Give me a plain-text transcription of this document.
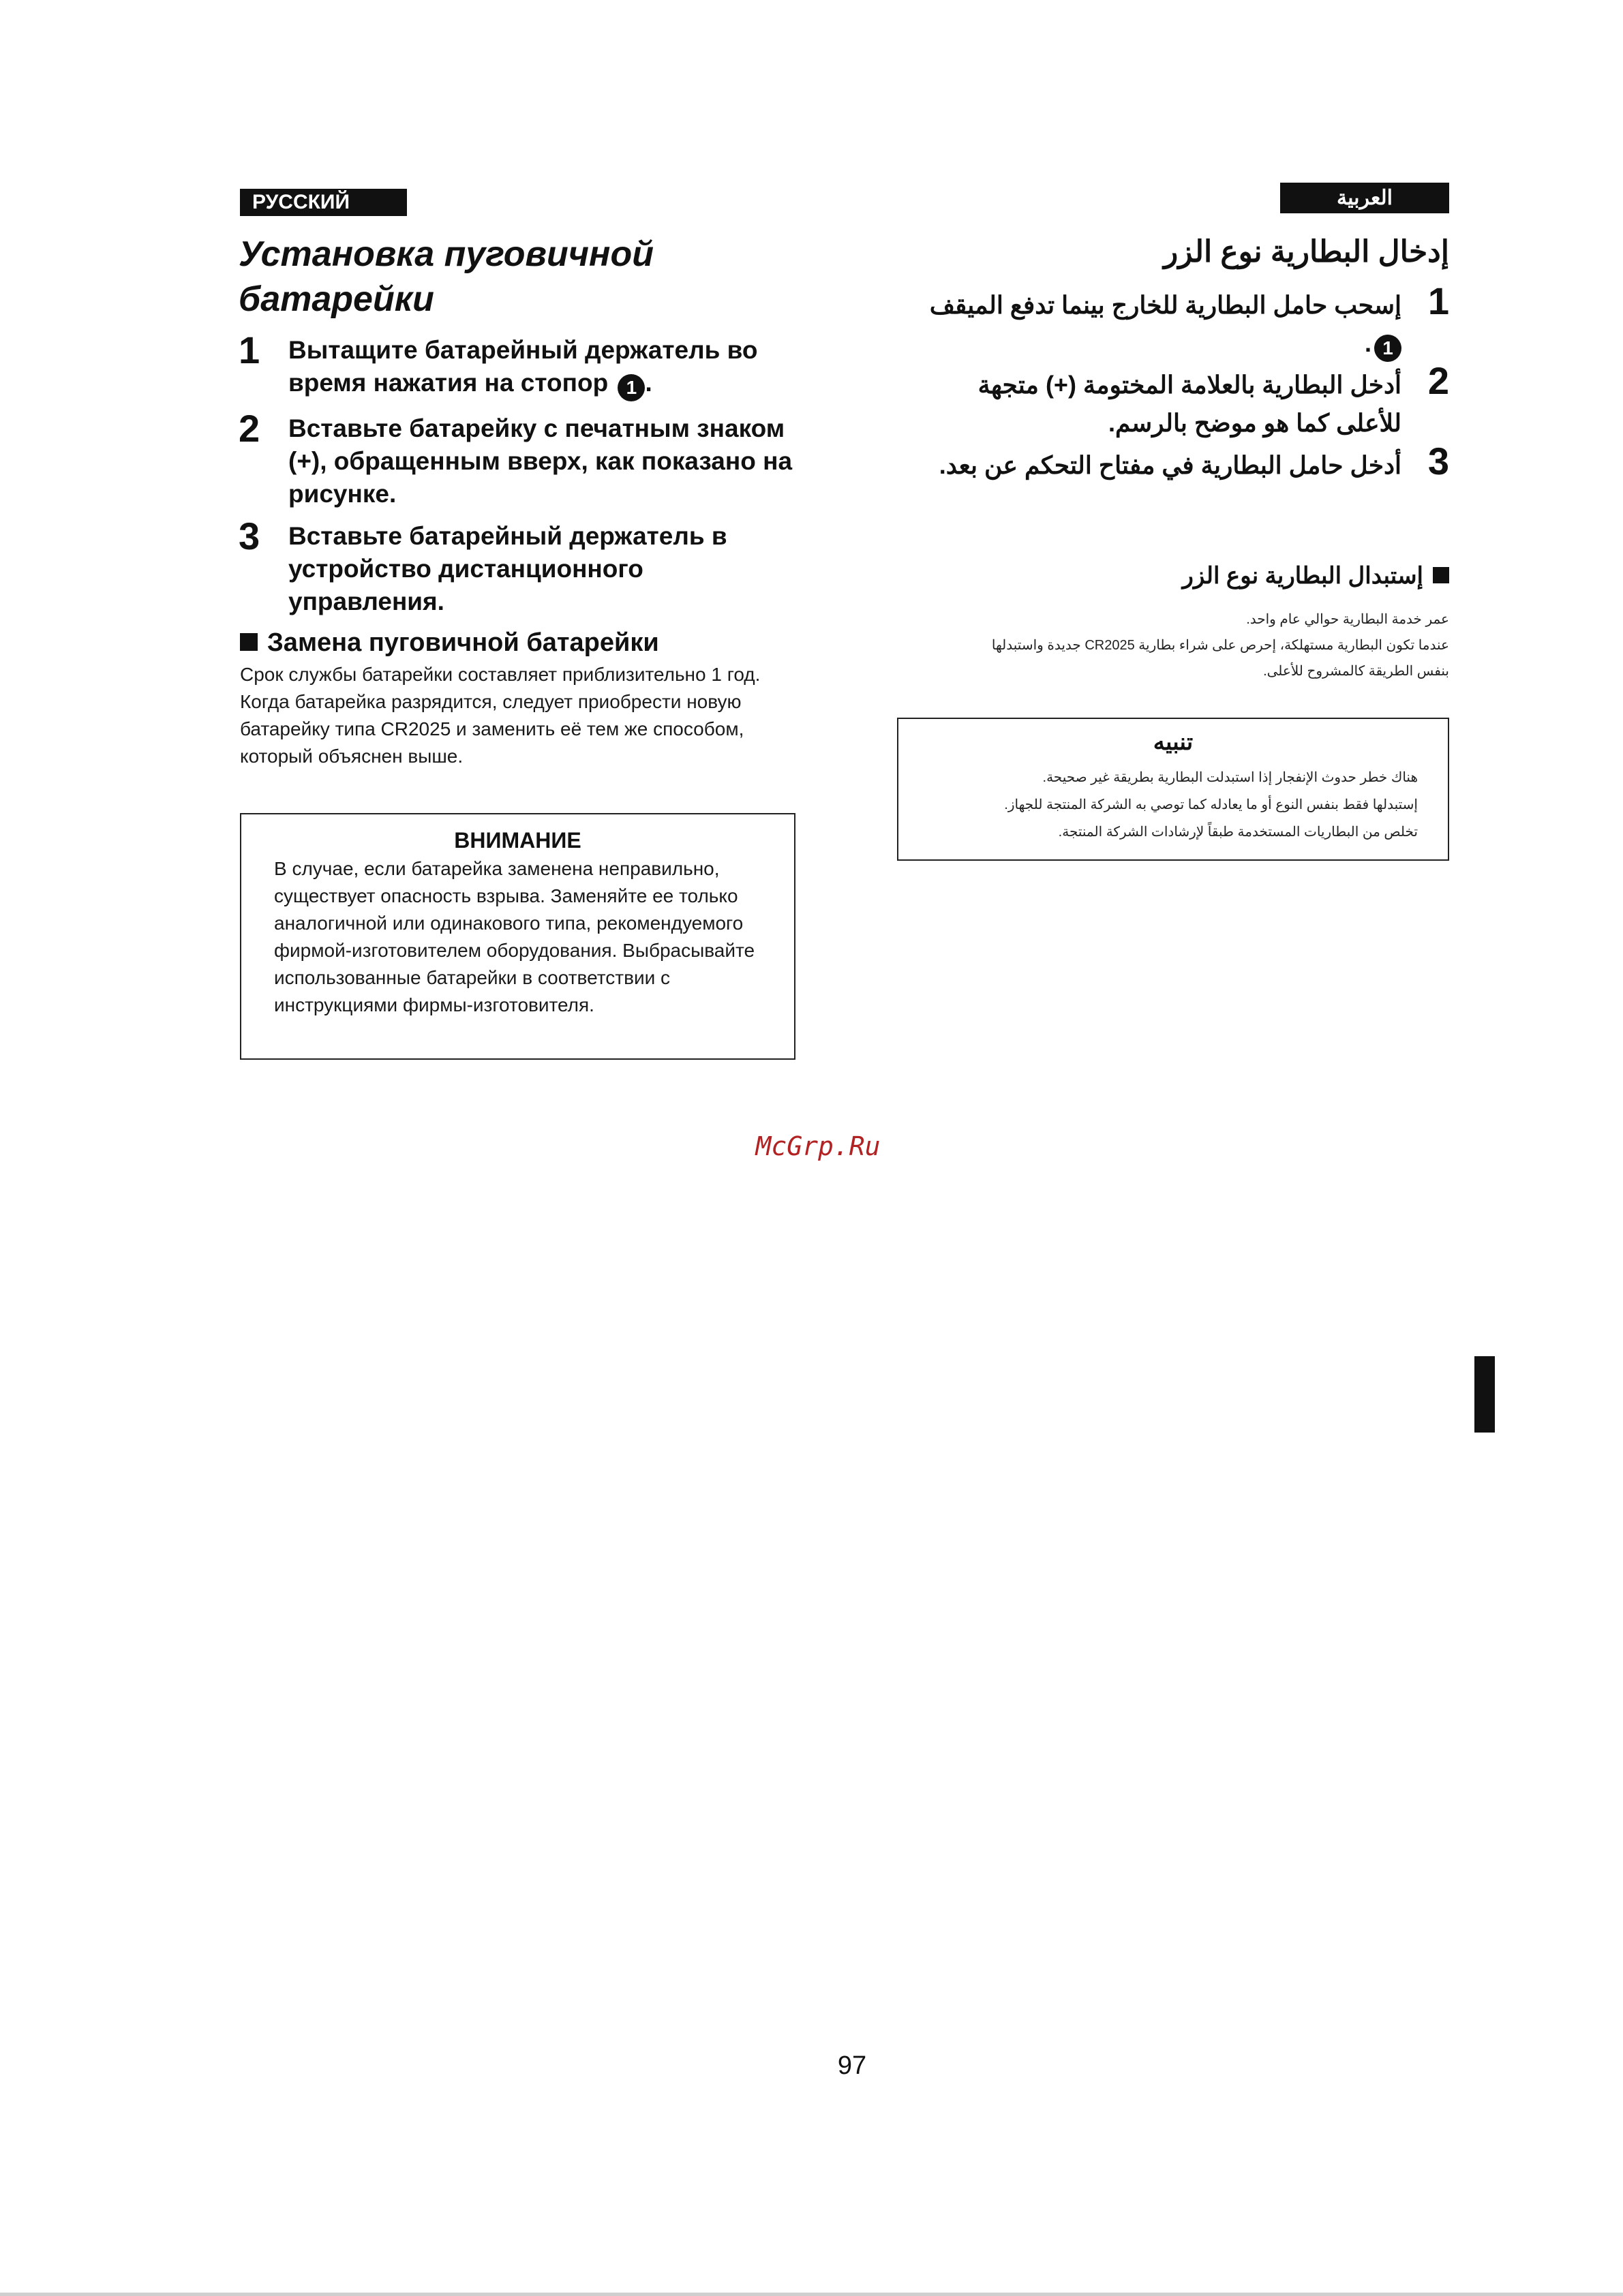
РУССКИЙ ЯЗЫК
العربية
Установка пуговичной
батарейки
1 Вытащите батарейный держатель во время нажатия на стопор 1 .
2 Вставьте батарейку с печатным знаком (+), обращенным вверх, как показано на рисунке.
3 Вставьте батарейный держатель в устройство дистанционного управления.
Замена пуговичной батарейки
Срок службы батарейки составляет приблизительно 1 год.
Когда батарейка разрядится, следует приобрести новую батарейку типа CR2025 и заменить её тем же способом, который объяснен выше.
ВНИМАНИЕ
В случае, если батарейка заменена неправильно, существует опасность взрыва. Заменяйте ее только аналогичной или одинакового типа, рекомендуемого фирмой-изготовителем оборудования. Выбрасывайте использованные батарейки в соответствии с инструкциями фирмы-изготовителя.
إدخال البطارية نوع الزر
1
إسحب حامل البطارية للخارج بينما تدفع الميقف1.
2
أدخل البطارية بالعلامة المختومة (+) متجهة للأعلى كما هو موضح بالرسم.
3
أدخل حامل البطارية في مفتاح التحكم عن بعد.
إستبدال البطارية نوع الزر
عمر خدمة البطارية حوالي عام واحد.
عندما تكون البطارية مستهلكة، إحرص على شراء بطارية CR2025 جديدة واستبدلها
بنفس الطريقة كالمشروح للأعلى.
تنبيه
هناك خطر حدوث الإنفجار إذا استبدلت البطارية بطريقة غير صحيحة.
إستبدلها فقط بنفس النوع أو ما يعادله كما توصي به الشركة المنتجة للجهاز.
تخلص من البطاريات المستخدمة طبقاً لإرشادات الشركة المنتجة.
McGrp.Ru
97
